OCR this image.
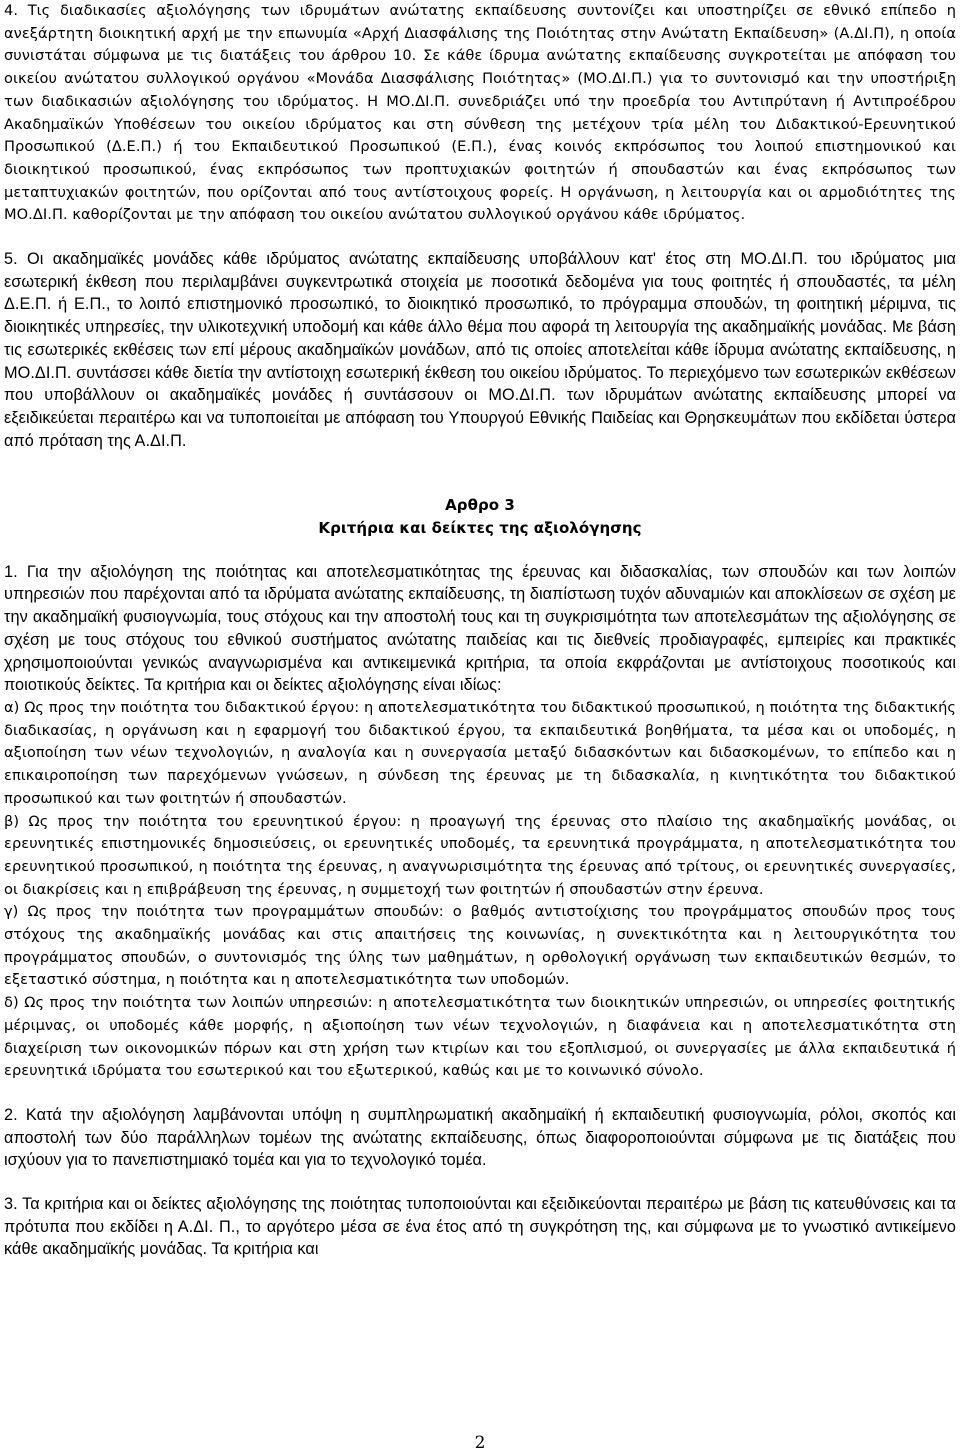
4. Τις διαδικασίες αξιολόγησης των ιδρυμάτων ανώτατης εκπαίδευσης συντονίζει και υποστηρίζει σε εθνικό επίπεδο η ανεξάρτητη διοικητική αρχή με την επωνυμία «Αρχή Διασφάλισης της Ποιότητας στην Ανώτατη Εκπαίδευση» (Α.ΔΙ.Π), η οποία συνιστάται σύμφωνα με τις διατάξεις του άρθρου 10. Σε κάθε ίδρυμα ανώτατης εκπαίδευσης συγκροτείται με απόφαση του οικείου ανώτατου συλλογικού οργάνου «Μονάδα Διασφάλισης Ποιότητας» (ΜΟ.ΔΙ.Π.) για το συντονισμό και την υποστήριξη των διαδικασιών αξιολόγησης του ιδρύματος. Η ΜΟ.ΔΙ.Π. συνεδριάζει υπό την προεδρία του Αντιπρύτανη ή Αντιπροέδρου Ακαδημαϊκών Υποθέσεων του οικείου ιδρύματος και στη σύνθεση της μετέχουν τρία μέλη του Διδακτικού-Ερευνητικού Προσωπικού (Δ.Ε.Π.) ή του Εκπαιδευτικού Προσωπικού (Ε.Π.), ένας κοινός εκπρόσωπος του λοιπού επιστημονικού και διοικητικού προσωπικού, ένας εκπρόσωπος των προπτυχιακών φοιτητών ή σπουδαστών και ένας εκπρόσωπος των μεταπτυχιακών φοιτητών, που ορίζονται από τους αντίστοιχους φορείς. Η οργάνωση, η λειτουργία και οι αρμοδιότητες της ΜΟ.ΔΙ.Π. καθορίζονται με την απόφαση του οικείου ανώτατου συλλογικού οργάνου κάθε ιδρύματος.

5. Οι ακαδημαϊκές μονάδες κάθε ιδρύματος ανώτατης εκπαίδευσης υποβάλλουν κατ' έτος στη ΜΟ.ΔΙ.Π. του ιδρύματος μια εσωτερική έκθεση που περιλαμβάνει συγκεντρωτικά στοιχεία με ποσοτικά δεδομένα για τους φοιτητές ή σπουδαστές, τα μέλη Δ.Ε.Π. ή Ε.Π., το λοιπό επιστημονικό προσωπικό, το διοικητικό προσωπικό, το πρόγραμμα σπουδών, τη φοιτητική μέριμνα, τις διοικητικές υπηρεσίες, την υλικοτεχνική υποδομή και κάθε άλλο θέμα που αφορά τη λειτουργία της ακαδημαϊκής μονάδας. Με βάση τις εσωτερικές εκθέσεις των επί μέρους ακαδημαϊκών μονάδων, από τις οποίες αποτελείται κάθε ίδρυμα ανώτατης εκπαίδευσης, η ΜΟ.ΔΙ.Π. συντάσσει κάθε διετία την αντίστοιχη εσωτερική έκθεση του οικείου ιδρύματος. Το περιεχόμενο των εσωτερικών εκθέσεων που υποβάλλουν οι ακαδημαϊκές μονάδες ή συντάσσουν οι ΜΟ.ΔΙ.Π. των ιδρυμάτων ανώτατης εκπαίδευσης μπορεί να εξειδικεύεται περαιτέρω και να τυποποιείται με απόφαση του Υπουργού Εθνικής Παιδείας και Θρησκευμάτων που εκδίδεται ύστερα από πρόταση της Α.ΔΙ.Π.

Αρθρο 3

Κριτήρια και δείκτες της αξιολόγησης

1. Για την αξιολόγηση της ποιότητας και αποτελεσματικότητας της έρευνας και διδασκαλίας, των σπουδών και των λοιπών υπηρεσιών που παρέχονται από τα ιδρύματα ανώτατης εκπαίδευσης, τη διαπίστωση τυχόν αδυναμιών και αποκλίσεων σε σχέση με την ακαδημαϊκή φυσιογνωμία, τους στόχους και την αποστολή τους και τη συγκρισιμότητα των αποτελεσμάτων της αξιολόγησης σε σχέση με τους στόχους του εθνικού συστήματος ανώτατης παιδείας και τις διεθνείς προδιαγραφές, εμπειρίες και πρακτικές χρησιμοποιούνται γενικώς αναγνωρισμένα και αντικειμενικά κριτήρια, τα οποία εκφράζονται με αντίστοιχους ποσοτικούς και ποιοτικούς δείκτες. Τα κριτήρια και οι δείκτες αξιολόγησης είναι ιδίως:

α) Ως προς την ποιότητα του διδακτικού έργου: η αποτελεσματικότητα του διδακτικού προσωπικού, η ποιότητα της διδακτικής διαδικασίας, η οργάνωση και η εφαρμογή του διδακτικού έργου, τα εκπαιδευτικά βοηθήματα, τα μέσα και οι υποδομές, η αξιοποίηση των νέων τεχνολογιών, η αναλογία και η συνεργασία μεταξύ διδασκόντων και διδασκομένων, το επίπεδο και η επικαιροποίηση των παρεχόμενων γνώσεων, η σύνδεση της έρευνας με τη διδασκαλία, η κινητικότητα του διδακτικού προσωπικού και των φοιτητών ή σπουδαστών.

β) Ως προς την ποιότητα του ερευνητικού έργου: η προαγωγή της έρευνας στο πλαίσιο της ακαδημαϊκής μονάδας, οι ερευνητικές επιστημονικές δημοσιεύσεις, οι ερευνητικές υποδομές, τα ερευνητικά προγράμματα, η αποτελεσματικότητα του ερευνητικού προσωπικού, η ποιότητα της έρευνας, η αναγνωρισιμότητα της έρευνας από τρίτους, οι ερευνητικές συνεργασίες, οι διακρίσεις και η επιβράβευση της έρευνας, η συμμετοχή των φοιτητών ή σπουδαστών στην έρευνα.

γ) Ως προς την ποιότητα των προγραμμάτων σπουδών: ο βαθμός αντιστοίχισης του προγράμματος σπουδών προς τους στόχους της ακαδημαϊκής μονάδας και στις απαιτήσεις της κοινωνίας, η συνεκτικότητα και η λειτουργικότητα του προγράμματος σπουδών, ο συντονισμός της ύλης των μαθημάτων, η ορθολογική οργάνωση των εκπαιδευτικών θεσμών, το εξεταστικό σύστημα, η ποιότητα και η αποτελεσματικότητα των υποδομών.

δ) Ως προς την ποιότητα των λοιπών υπηρεσιών: η αποτελεσματικότητα των διοικητικών υπηρεσιών, οι υπηρεσίες φοιτητικής μέριμνας, οι υποδομές κάθε μορφής, η αξιοποίηση των νέων τεχνολογιών, η διαφάνεια και η αποτελεσματικότητα στη διαχείριση των οικονομικών πόρων και στη χρήση των κτιρίων και του εξοπλισμού, οι συνεργασίες με άλλα εκπαιδευτικά ή ερευνητικά ιδρύματα του εσωτερικού και του εξωτερικού, καθώς και με το κοινωνικό σύνολο.

2. Κατά την αξιολόγηση λαμβάνονται υπόψη η συμπληρωματική ακαδημαϊκή ή εκπαιδευτική φυσιογνωμία, ρόλοι, σκοπός και αποστολή των δύο παράλληλων τομέων της ανώτατης εκπαίδευσης, όπως διαφοροποιούνται σύμφωνα με τις διατάξεις που ισχύουν για το πανεπιστημιακό τομέα και για το τεχνολογικό τομέα.

3. Τα κριτήρια και οι δείκτες αξιολόγησης της ποιότητας τυποποιούνται και εξειδικεύονται περαιτέρω με βάση τις κατευθύνσεις και τα πρότυπα που εκδίδει η Α.ΔΙ. Π., το αργότερο μέσα σε ένα έτος από τη συγκρότηση της, και σύμφωνα με το γνωστικό αντικείμενο κάθε ακαδημαϊκής μονάδας. Τα κριτήρια και

2
